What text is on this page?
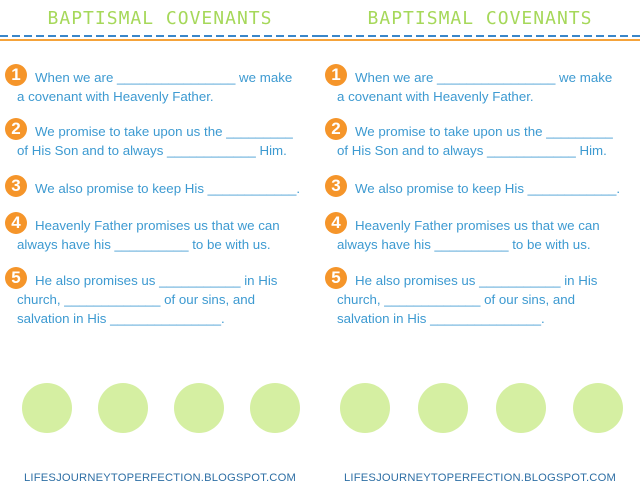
BAPTISMAL COVENANTS
1	When we are ________________ we make
a covenant with Heavenly Father.
2	We promise to take upon us the _________
of His Son and to always ____________ Him.
3	We also promise to keep His ____________.
4	Heavenly Father promises us that we can
always have his __________ to be with us.
5	He also promises us ___________ in His
church, _____________ of our sins, and
salvation in His _______________.
LIFESJOURNEYTOPERFECTION.BLOGSPOT.COM
BAPTISMAL COVENANTS
1	When we are ________________ we make
a covenant with Heavenly Father.
2	We promise to take upon us the _________
of His Son and to always ____________ Him.
3	We also promise to keep His ____________.
4	Heavenly Father promises us that we can
always have his __________ to be with us.
5	He also promises us ___________ in His
church, _____________ of our sins, and
salvation in His _______________.
LIFESJOURNEYTOPERFECTION.BLOGSPOT.COM
